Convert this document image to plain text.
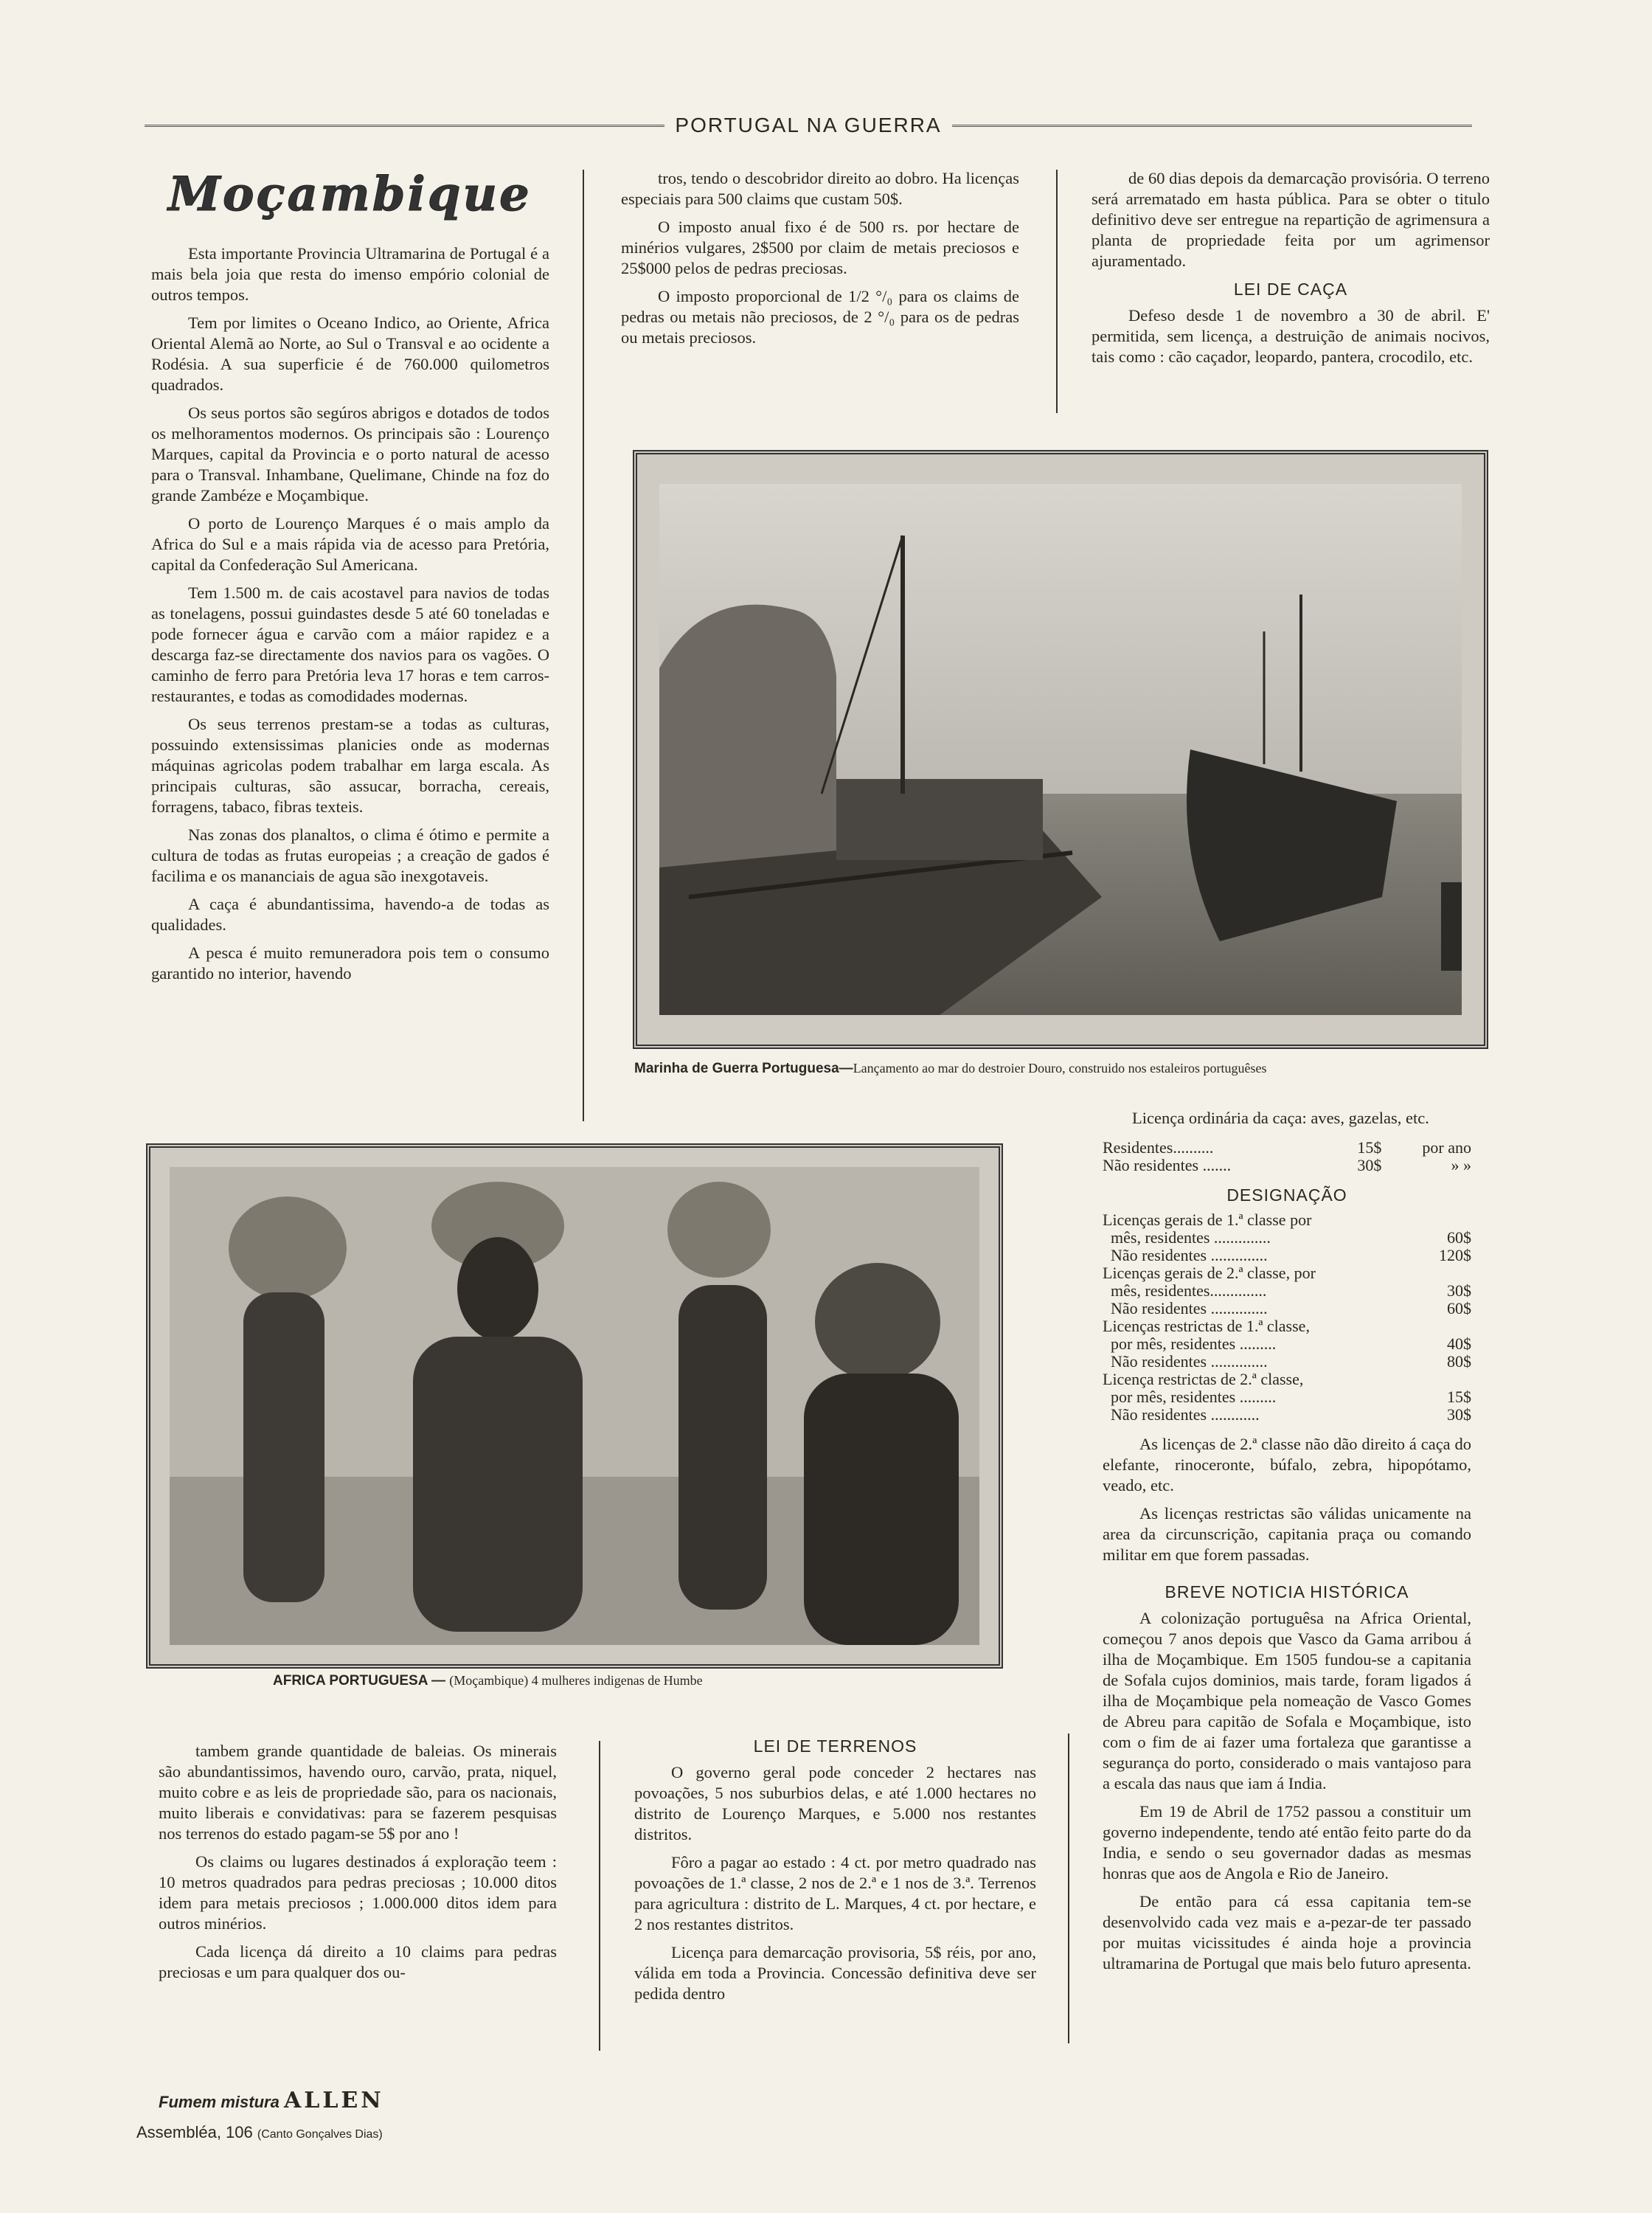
PORTUGAL NA GUERRA
Moçambique

Esta importante Provincia Ultramarina de Portugal é a mais bela joia que resta do imenso empório colonial de outros tempos.

Tem por limites o Oceano Indico, ao Oriente, Africa Oriental Alemã ao Norte, ao Sul o Transval e ao ocidente a Rodésia. A sua superficie é de 760.000 quilometros quadrados.

Os seus portos são segúros abrigos e dotados de todos os melhoramentos modernos. Os principais são : Lourenço Marques, capital da Provincia e o porto natural de acesso para o Transval. Inhambane, Quelimane, Chinde na foz do grande Zambéze e Moçambique.

O porto de Lourenço Marques é o mais amplo da Africa do Sul e a mais rápida via de acesso para Pretória, capital da Confederação Sul Americana.

Tem 1.500 m. de cais acostavel para navios de todas as tonelagens, possui guindastes desde 5 até 60 toneladas e pode fornecer água e carvão com a máior rapidez e a descarga faz-se directamente dos navios para os vagões. O caminho de ferro para Pretória leva 17 horas e tem carros-restaurantes, e todas as comodidades modernas.

Os seus terrenos prestam-se a todas as culturas, possuindo extensissimas planicies onde as modernas máquinas agricolas podem trabalhar em larga escala. As principais culturas, são assucar, borracha, cereais, forragens, tabaco, fibras texteis.

Nas zonas dos planaltos, o clima é ótimo e permite a cultura de todas as frutas europeias ; a creação de gados é facilima e os mananciais de agua são inexgotaveis.

A caça é abundantissima, havendo-a de todas as qualidades.

A pesca é muito remuneradora pois tem o consumo garantido no interior, havendo

tros, tendo o descobridor direito ao dobro. Ha licenças especiais para 500 claims que custam 50$.

O imposto anual fixo é de 500 rs. por hectare de minérios vulgares, 2$500 por claim de metais preciosos e 25$000 pelos de pedras preciosas.

O imposto proporcional de 1/2 °/₀ para os claims de pedras ou metais não preciosos, de 2 °/₀ para os de pedras ou metais preciosos.

de 60 dias depois da demarcação provisória. O terreno será arrematado em hasta pública. Para se obter o titulo definitivo deve ser entregue na repartição de agrimensura a planta de propriedade feita por um agrimensor ajuramentado.

LEI DE CAÇA

Defeso desde 1 de novembro a 30 de abril. E' permitida, sem licença, a destruição de animais nocivos, tais como : cão caçador, leopardo, pantera, crocodilo, etc.

Marinha de Guerra Portuguesa—Lançamento ao mar do destroier Douro, construido nos estaleiros portuguêses

Licença ordinária da caça: aves, gazelas, etc.

Residentes..........	15$	por ano
Não residentes .......	30$	» »
DESIGNAÇÃO
Licenças gerais de 1.ª classe por	
mês, residentes ..............	60$
Não residentes ..............	120$
Licenças gerais de 2.ª classe, por	
mês, residentes..............	30$
Não residentes ..............	60$
Licenças restrictas de 1.ª classe,	
por mês, residentes .........	40$
Não residentes ..............	80$
Licença restrictas de 2.ª classe,	
por mês, residentes .........	15$
Não residentes ............	30$

As licenças de 2.ª classe não dão direito á caça do elefante, rinoceronte, búfalo, zebra, hipopótamo, veado, etc.

As licenças restrictas são válidas unicamente na area da circunscrição, capitania praça ou comando militar em que forem passadas.

BREVE NOTICIA HISTÓRICA

A colonização portuguêsa na Africa Oriental, começou 7 anos depois que Vasco da Gama arribou á ilha de Moçambique. Em 1505 fundou-se a capitania de Sofala cujos dominios, mais tarde, foram ligados á ilha de Moçambique pela nomeação de Vasco Gomes de Abreu para capitão de Sofala e Moçambique, isto com o fim de ai fazer uma fortaleza que garantisse a segurança do porto, considerado o mais vantajoso para a escala das naus que iam á India.

Em 19 de Abril de 1752 passou a constituir um governo independente, tendo até então feito parte do da India, e sendo o seu governador dadas as mesmas honras que aos de Angola e Rio de Janeiro.

De então para cá essa capitania tem-se desenvolvido cada vez mais e a-pezar-de ter passado por muitas vicissitudes é ainda hoje a provincia ultramarina de Portugal que mais belo futuro apresenta.

AFRICA PORTUGUESA — (Moçambique) 4 mulheres indigenas de Humbe

tambem grande quantidade de baleias. Os minerais são abundantissimos, havendo ouro, carvão, prata, niquel, muito cobre e as leis de propriedade são, para os nacionais, muito liberais e convidativas: para se fazerem pesquisas nos terrenos do estado pagam-se 5$ por ano !

Os claims ou lugares destinados á exploração teem : 10 metros quadrados para pedras preciosas ; 10.000 ditos idem para metais preciosos ; 1.000.000 ditos idem para outros minérios.

Cada licença dá direito a 10 claims para pedras preciosas e um para qualquer dos ou-

LEI DE TERRENOS

O governo geral pode conceder 2 hectares nas povoações, 5 nos suburbios delas, e até 1.000 hectares no distrito de Lourenço Marques, e 5.000 nos restantes distritos.

Fôro a pagar ao estado : 4 ct. por metro quadrado nas povoações de 1.ª classe, 2 nos de 2.ª e 1 nos de 3.ª. Terrenos para agricultura : distrito de L. Marques, 4 ct. por hectare, e 2 nos restantes distritos.

Licença para demarcação provisoria, 5$ réis, por ano, válida em toda a Provincia. Concessão definitiva deve ser pedida dentro

Fumem mistura ALLEN
Assembléa, 106 (Canto Gonçalves Dias)
